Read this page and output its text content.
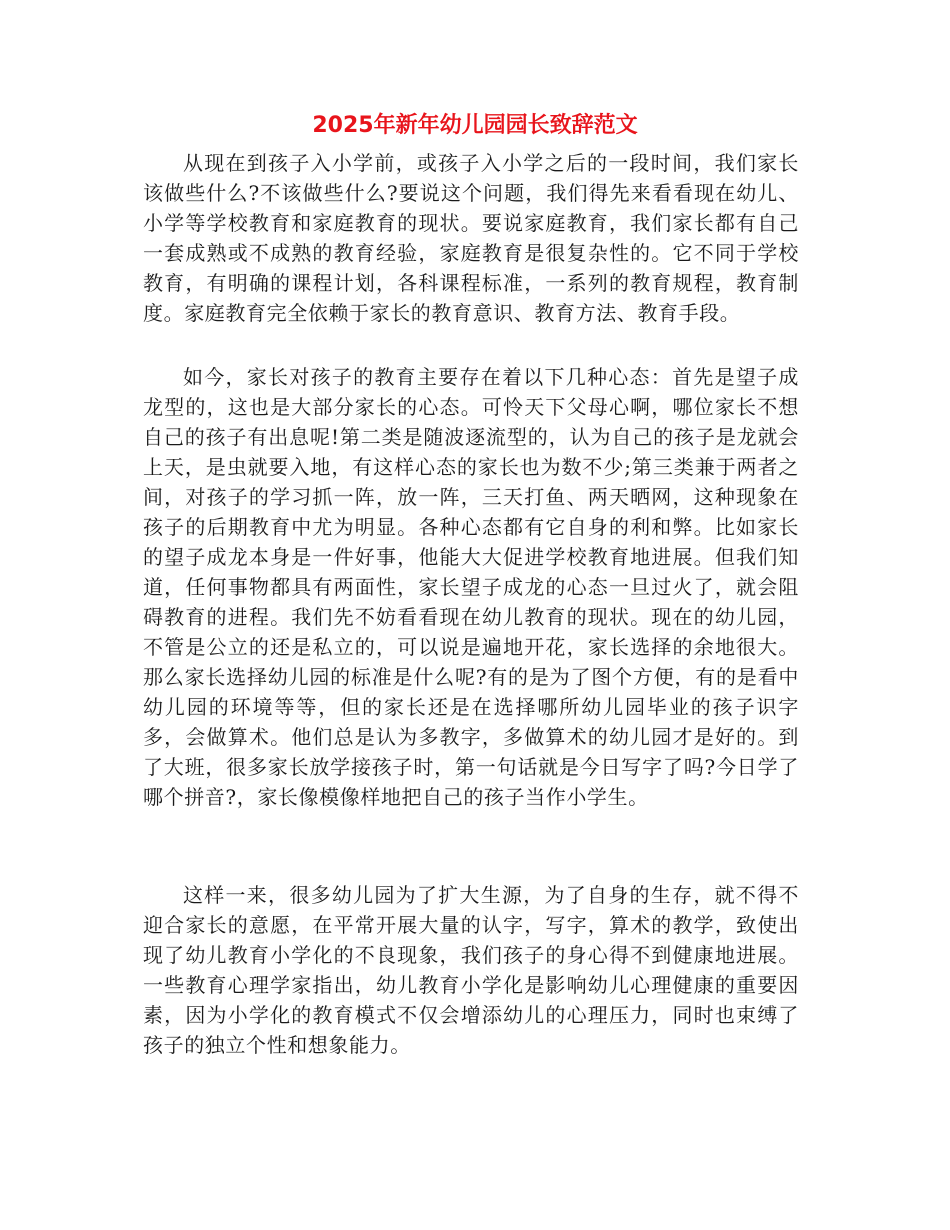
2025年新年幼儿园园长致辞范文

从现在到孩子入小学前，或孩子入小学之后的一段时间，我们家长该做些什么?不该做些什么?要说这个问题，我们得先来看看现在幼儿、小学等学校教育和家庭教育的现状。要说家庭教育，我们家长都有自己一套成熟或不成熟的教育经验，家庭教育是很复杂性的。它不同于学校教育，有明确的课程计划，各科课程标准，一系列的教育规程，教育制度。家庭教育完全依赖于家长的教育意识、教育方法、教育手段。

如今，家长对孩子的教育主要存在着以下几种心态：首先是望子成龙型的，这也是大部分家长的心态。可怜天下父母心啊，哪位家长不想自己的孩子有出息呢!第二类是随波逐流型的，认为自己的孩子是龙就会上天，是虫就要入地，有这样心态的家长也为数不少;第三类兼于两者之间，对孩子的学习抓一阵，放一阵，三天打鱼、两天晒网，这种现象在孩子的后期教育中尤为明显。各种心态都有它自身的利和弊。比如家长的望子成龙本身是一件好事，他能大大促进学校教育地进展。但我们知道，任何事物都具有两面性，家长望子成龙的心态一旦过火了，就会阻碍教育的进程。我们先不妨看看现在幼儿教育的现状。现在的幼儿园，不管是公立的还是私立的，可以说是遍地开花，家长选择的余地很大。那么家长选择幼儿园的标准是什么呢?有的是为了图个方便，有的是看中幼儿园的环境等等，但的家长还是在选择哪所幼儿园毕业的孩子识字多，会做算术。他们总是认为多教字，多做算术的幼儿园才是好的。到了大班，很多家长放学接孩子时，第一句话就是今日写字了吗?今日学了哪个拼音?，家长像模像样地把自己的孩子当作小学生。

这样一来，很多幼儿园为了扩大生源，为了自身的生存，就不得不迎合家长的意愿，在平常开展大量的认字，写字，算术的教学，致使出现了幼儿教育小学化的不良现象，我们孩子的身心得不到健康地进展。一些教育心理学家指出，幼儿教育小学化是影响幼儿心理健康的重要因素，因为小学化的教育模式不仅会增添幼儿的心理压力，同时也束缚了孩子的独立个性和想象能力。
